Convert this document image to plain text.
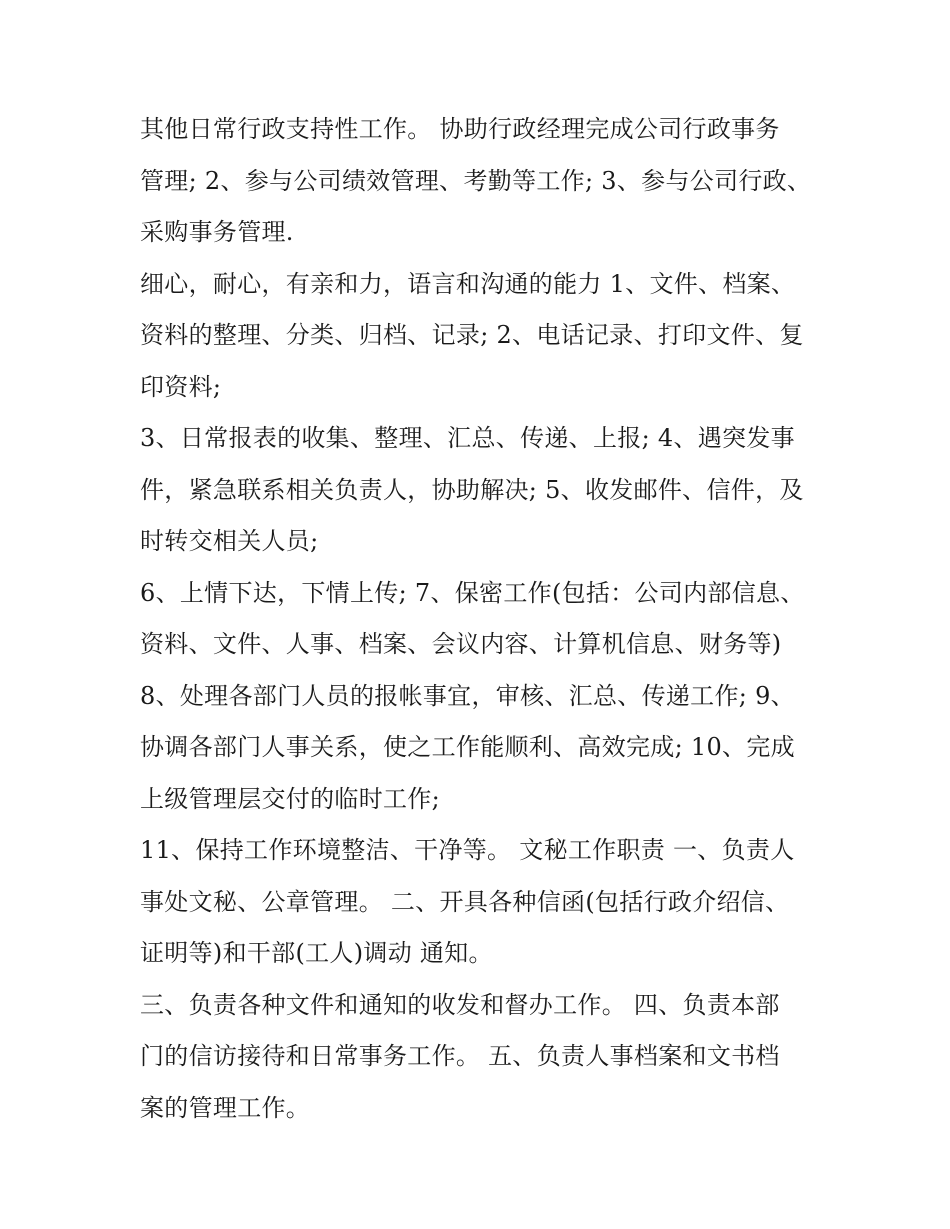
其他日常行政支持性工作。 协助行政经理完成公司行政事务
管理; 2、参与公司绩效管理、考勤等工作; 3、参与公司行政、
采购事务管理.
细心，耐心，有亲和力，语言和沟通的能力 1、文件、档案、
资料的整理、分类、归档、记录; 2、电话记录、打印文件、复
印资料;
3、日常报表的收集、整理、汇总、传递、上报; 4、遇突发事
件，紧急联系相关负责人，协助解决; 5、收发邮件、信件，及
时转交相关人员;
6、上情下达，下情上传; 7、保密工作(包括：公司内部信息、
资料、文件、人事、档案、会议内容、计算机信息、财务等)
8、处理各部门人员的报帐事宜，审核、汇总、传递工作; 9、
协调各部门人事关系，使之工作能顺利、高效完成; 10、完成
上级管理层交付的临时工作;
11、保持工作环境整洁、干净等。 文秘工作职责 一、负责人
事处文秘、公章管理。 二、开具各种信函(包括行政介绍信、
证明等)和干部(工人)调动 通知。
三、负责各种文件和通知的收发和督办工作。 四、负责本部
门的信访接待和日常事务工作。 五、负责人事档案和文书档
案的管理工作。
